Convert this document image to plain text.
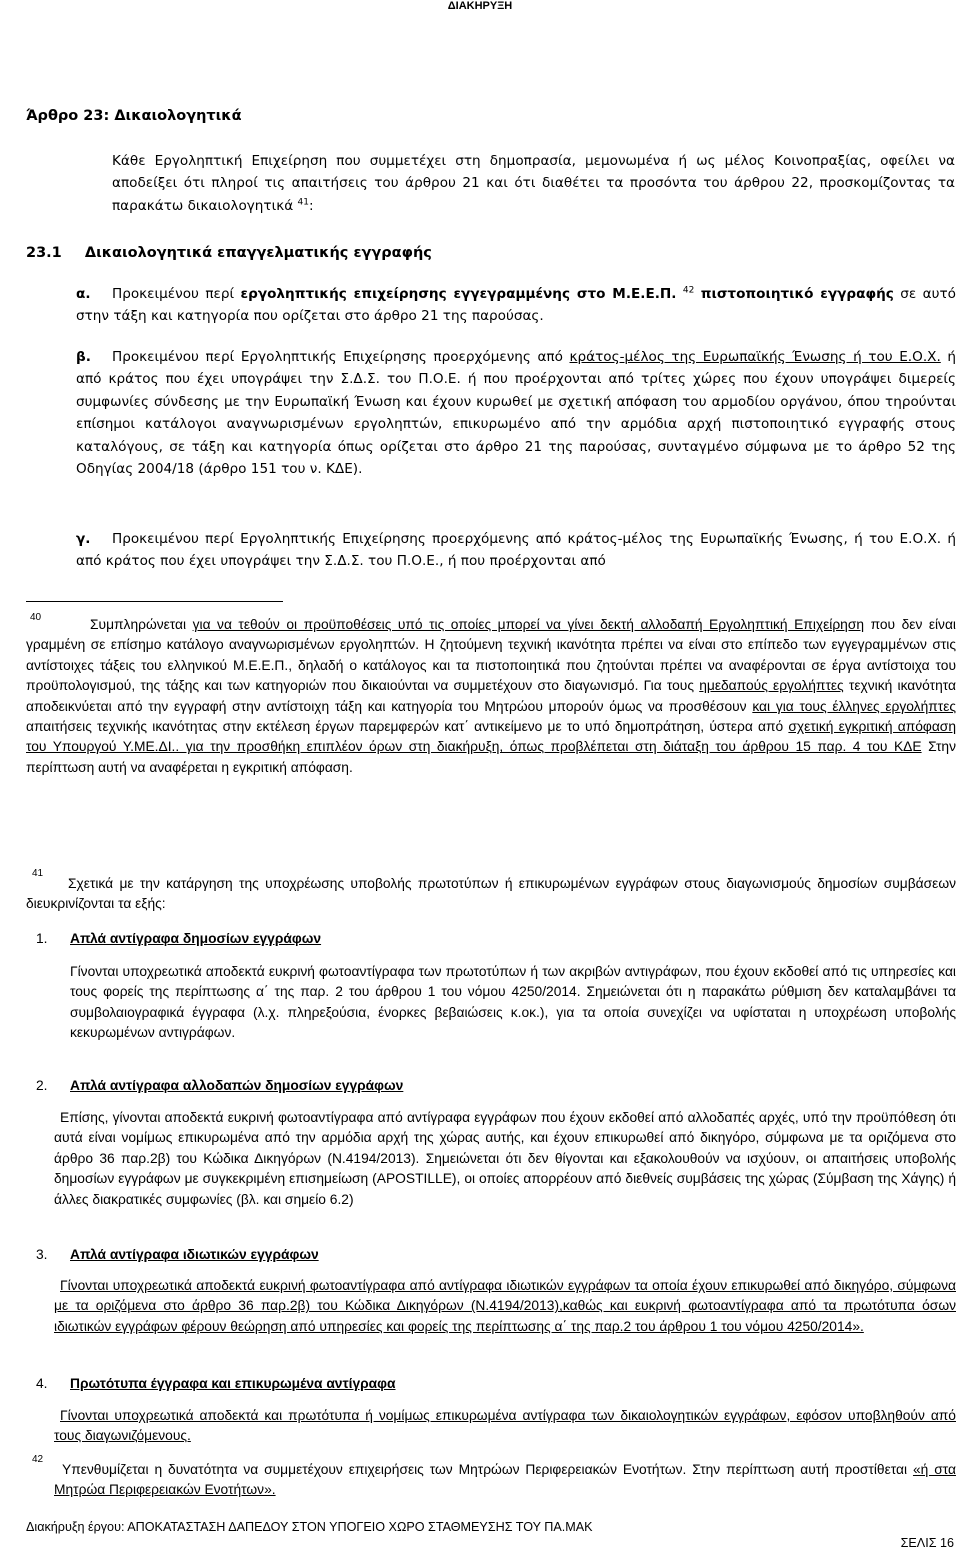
ΔΙΑΚΗΡΥΞΗ
Άρθρο 23: Δικαιολογητικά
Κάθε Εργοληπτική Επιχείρηση που συμμετέχει στη δημοπρασία, μεμονωμένα ή ως μέλος Κοινοπραξίας, οφείλει να αποδείξει ότι πληροί τις απαιτήσεις του άρθρου 21 και ότι διαθέτει τα προσόντα του άρθρου 22, προσκομίζοντας τα παρακάτω δικαιολογητικά $^{41}$:
23.1 Δικαιολογητικά επαγγελματικής εγγραφής
α. Προκειμένου περί εργοληπτικής επιχείρησης εγγεγραμμένης στο Μ.Ε.Ε.Π. $^{42}$ πιστοποιητικό εγγραφής σε αυτό στην τάξη και κατηγορία που ορίζεται στο άρθρο 21 της παρούσας.
β. Προκειμένου περί Εργοληπτικής Επιχείρησης προερχόμενης από κράτος-μέλος της Ευρωπαϊκής Ένωσης ή του Ε.Ο.Χ. ή από κράτος που έχει υπογράψει την Σ.Δ.Σ. του Π.Ο.Ε. ή που προέρχονται από τρίτες χώρες που έχουν υπογράψει διμερείς συμφωνίες σύνδεσης με την Ευρωπαϊκή Ένωση και έχουν κυρωθεί με σχετική απόφαση του αρμοδίου οργάνου, όπου τηρούνται επίσημοι κατάλογοι αναγνωρισμένων εργοληπτών, επικυρωμένο από την αρμόδια αρχή πιστοποιητικό εγγραφής στους καταλόγους, σε τάξη και κατηγορία όπως ορίζεται στο άρθρο 21 της παρούσας, συνταγμένο σύμφωνα με το άρθρο 52 της Οδηγίας 2004/18 (άρθρο 151 του ν. ΚΔΕ).
γ. Προκειμένου περί Εργοληπτικής Επιχείρησης προερχόμενης από κράτος-μέλος της Ευρωπαϊκής Ένωσης, ή του Ε.Ο.Χ. ή από κράτος που έχει υπογράψει την Σ.Δ.Σ. του Π.Ο.Ε., ή που προέρχονται από
40	Συμπληρώνεται για να τεθούν οι προϋποθέσεις υπό τις οποίες μπορεί να γίνει δεκτή αλλοδαπή Εργοληπτική Επιχείρηση που δεν είναι γραμμένη σε επίσημο κατάλογο αναγνωρισμένων εργοληπτών. Η ζητούμενη τεχνική ικανότητα πρέπει να είναι στο επίπεδο των εγγεγραμμένων στις αντίστοιχες τάξεις του ελληνικού Μ.Ε.Ε.Π., δηλαδή ο κατάλογος και τα πιστοποιητικά που ζητούνται πρέπει να αναφέρονται σε έργα αντίστοιχα του προϋπολογισμού, της τάξης και των κατηγοριών που δικαιούνται να συμμετέχουν στο διαγωνισμό. Για τους ημεδαπούς εργολήπτες τεχνική ικανότητα αποδεικνύεται από την εγγραφή στην αντίστοιχη τάξη και κατηγορία του Μητρώου μπορούν όμως να προσθέσουν και για τους έλληνες εργολήπτες απαιτήσεις τεχνικής ικανότητας στην εκτέλεση έργων παρεμφερών κατ΄ αντικείμενο με το υπό δημοπράτηση, ύστερα από σχετική εγκριτική απόφαση του Υπουργού Υ.ΜΕ.ΔΙ.. για την προσθήκη επιπλέον όρων στη διακήρυξη, όπως προβλέπεται στη διάταξη του άρθρου 15 παρ. 4 του ΚΔΕ Στην περίπτωση αυτή να αναφέρεται η εγκριτική απόφαση.
41
Σχετικά με την κατάργηση της υποχρέωσης υποβολής πρωτοτύπων ή επικυρωμένων εγγράφων στους διαγωνισμούς δημοσίων συμβάσεων διευκρινίζονται τα εξής:
1. Απλά αντίγραφα δημοσίων εγγράφων
Γίνονται υποχρεωτικά αποδεκτά ευκρινή φωτοαντίγραφα των πρωτοτύπων ή των ακριβών αντιγράφων, που έχουν εκδοθεί από τις υπηρεσίες και τους φορείς της περίπτωσης α΄ της παρ. 2 του άρθρου 1 του νόμου 4250/2014. Σημειώνεται ότι η παρακάτω ρύθμιση δεν καταλαμβάνει τα συμβολαιογραφικά έγγραφα (λ.χ. πληρεξούσια, ένορκες βεβαιώσεις κ.οκ.), για τα οποία συνεχίζει να υφίσταται η υποχρέωση υποβολής κεκυρωμένων αντιγράφων.
2. Απλά αντίγραφα αλλοδαπών δημοσίων εγγράφων
Επίσης, γίνονται αποδεκτά ευκρινή φωτοαντίγραφα από αντίγραφα εγγράφων που έχουν εκδοθεί από αλλοδαπές αρχές, υπό την προϋπόθεση ότι αυτά είναι νομίμως επικυρωμένα από την αρμόδια αρχή της χώρας αυτής, και έχουν επικυρωθεί από δικηγόρο, σύμφωνα με τα οριζόμενα στο άρθρο 36 παρ.2β) του Κώδικα Δικηγόρων (Ν.4194/2013). Σημειώνεται ότι δεν θίγονται και εξακολουθούν να ισχύουν, οι απαιτήσεις υποβολής δημοσίων εγγράφων με συγκεκριμένη επισημείωση (APOSTILLE), οι οποίες απορρέουν από διεθνείς συμβάσεις της χώρας (Σύμβαση της Χάγης) ή άλλες διακρατικές συμφωνίες (βλ. και σημείο 6.2)
3. Απλά αντίγραφα ιδιωτικών εγγράφων
Γίνονται υποχρεωτικά αποδεκτά ευκρινή φωτοαντίγραφα από αντίγραφα ιδιωτικών εγγράφων τα οποία έχουν επικυρωθεί από δικηγόρο, σύμφωνα με τα οριζόμενα στο άρθρο 36 παρ.2β) του Κώδικα Δικηγόρων (Ν.4194/2013),καθώς και ευκρινή φωτοαντίγραφα από τα πρωτότυπα όσων ιδιωτικών εγγράφων φέρουν θεώρηση από υπηρεσίες και φορείς της περίπτωσης α΄ της παρ.2 του άρθρου 1 του νόμου 4250/2014».
4. Πρωτότυπα έγγραφα και επικυρωμένα αντίγραφα
Γίνονται υποχρεωτικά αποδεκτά και πρωτότυπα ή νομίμως επικυρωμένα αντίγραφα των δικαιολογητικών εγγράφων, εφόσον υποβληθούν από τους διαγωνιζόμενους.
42
Υπενθυμίζεται η δυνατότητα να συμμετέχουν επιχειρήσεις των Μητρώων Περιφερειακών Ενοτήτων. Στην περίπτωση αυτή προστίθεται «ή στα Μητρώα Περιφερειακών Ενοτήτων».
Διακήρυξη έργου: ΑΠΟΚΑΤΑΣΤΑΣΗ ΔΑΠΕΔΟΥ ΣΤΟΝ ΥΠΟΓΕΙΟ ΧΩΡΟ ΣΤΑΘΜΕΥΣΗΣ ΤΟΥ ΠΑ.ΜΑΚ
ΣΕΛΙΣ 16
